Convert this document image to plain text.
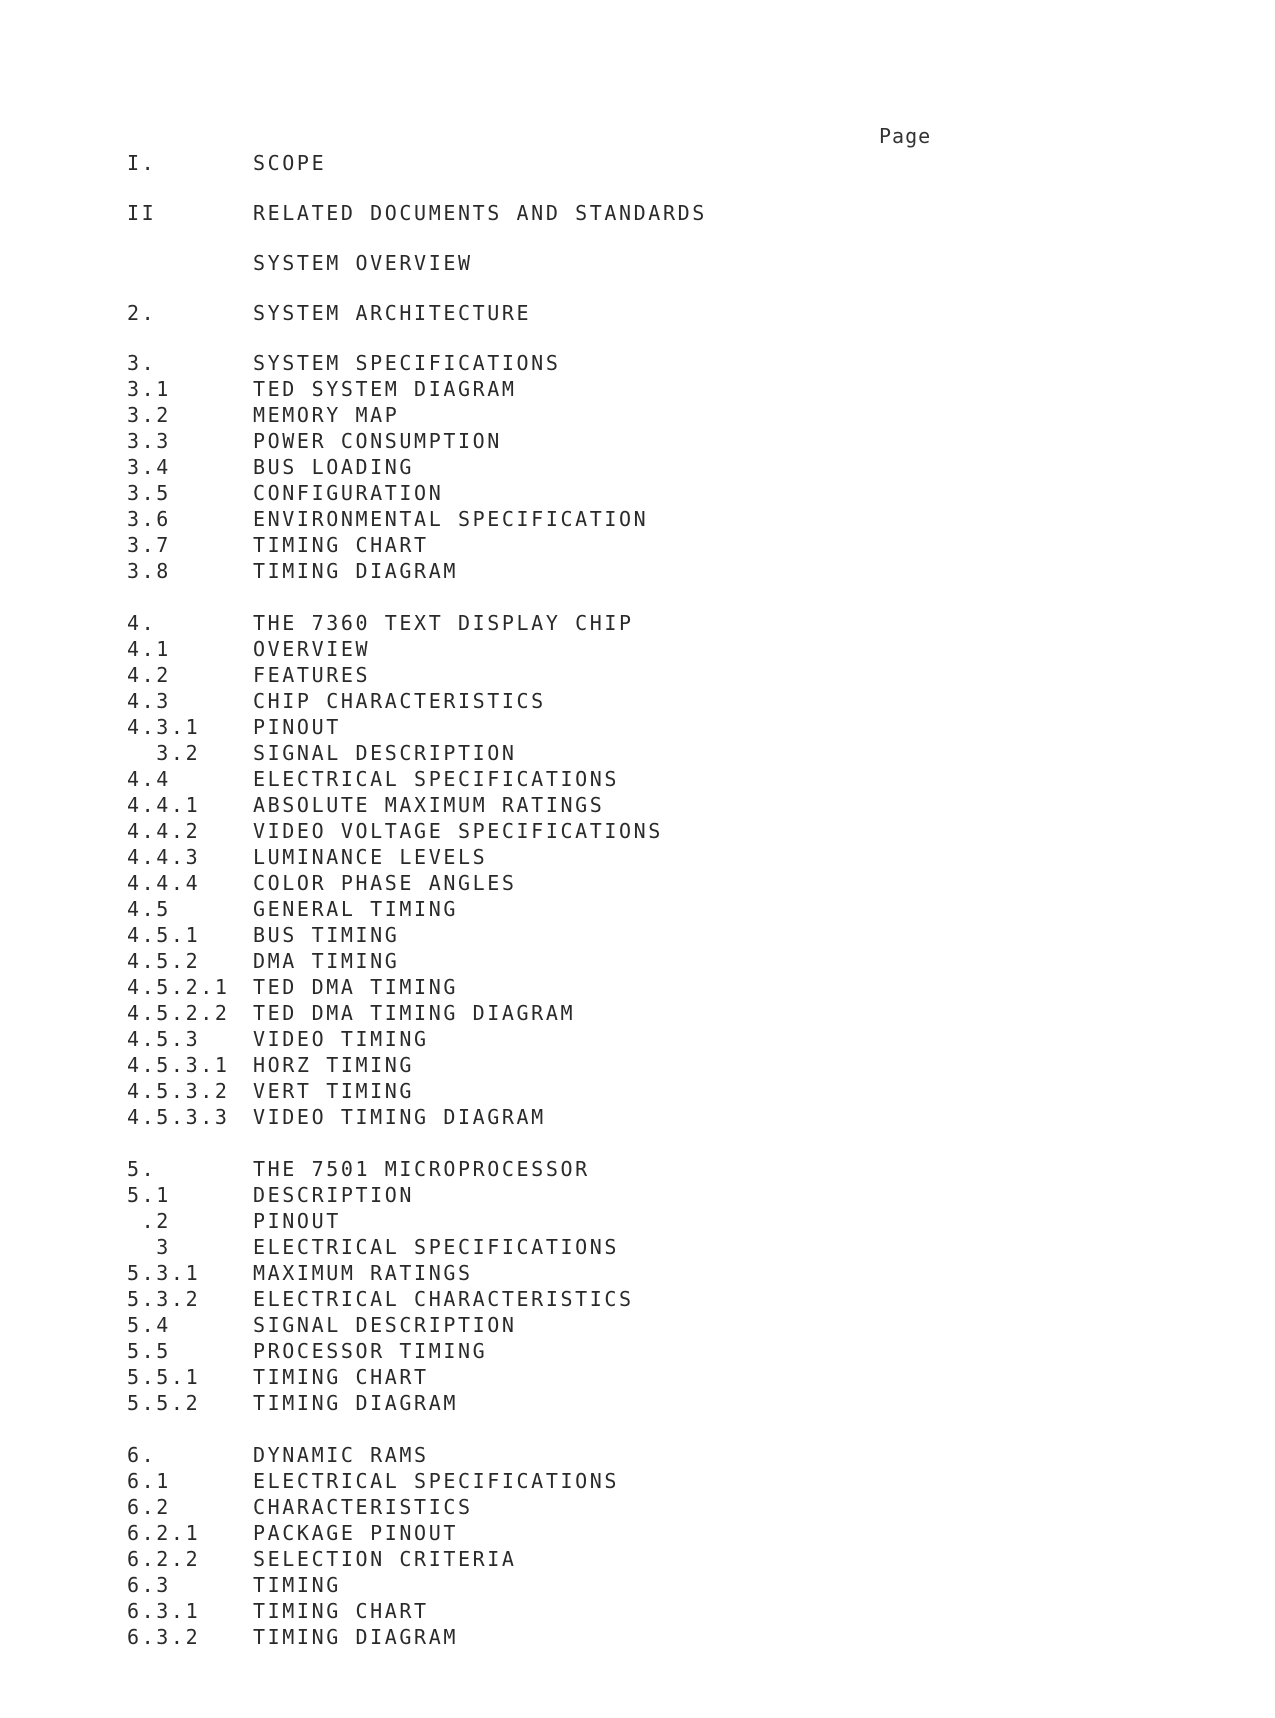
Page
I.	SCOPE
II	RELATED DOCUMENTS AND STANDARDS
SYSTEM OVERVIEW
2.	SYSTEM ARCHITECTURE
3.	SYSTEM SPECIFICATIONS
3.1	TED SYSTEM DIAGRAM
3.2	MEMORY MAP
3.3	POWER CONSUMPTION
3.4	BUS LOADING
3.5	CONFIGURATION
3.6	ENVIRONMENTAL SPECIFICATION
3.7	TIMING CHART
3.8	TIMING DIAGRAM
4.	THE 7360 TEXT DISPLAY CHIP
4.1	OVERVIEW
4.2	FEATURES
4.3	CHIP CHARACTERISTICS
4.3.1	PINOUT
3.2	SIGNAL DESCRIPTION
4.4	ELECTRICAL SPECIFICATIONS
4.4.1	ABSOLUTE MAXIMUM RATINGS
4.4.2	VIDEO VOLTAGE SPECIFICATIONS
4.4.3	LUMINANCE LEVELS
4.4.4	COLOR PHASE ANGLES
4.5	GENERAL TIMING
4.5.1	BUS TIMING
4.5.2	DMA TIMING
4.5.2.1	TED DMA TIMING
4.5.2.2	TED DMA TIMING DIAGRAM
4.5.3	VIDEO TIMING
4.5.3.1	HORZ TIMING
4.5.3.2	VERT TIMING
4.5.3.3	VIDEO TIMING DIAGRAM
5.	THE 7501 MICROPROCESSOR
5.1	DESCRIPTION
.2	PINOUT
3	ELECTRICAL SPECIFICATIONS
5.3.1	MAXIMUM RATINGS
5.3.2	ELECTRICAL CHARACTERISTICS
5.4	SIGNAL DESCRIPTION
5.5	PROCESSOR TIMING
5.5.1	TIMING CHART
5.5.2	TIMING DIAGRAM
6.	DYNAMIC RAMS
6.1	ELECTRICAL SPECIFICATIONS
6.2	CHARACTERISTICS
6.2.1	PACKAGE PINOUT
6.2.2	SELECTION CRITERIA
6.3	TIMING
6.3.1	TIMING CHART
6.3.2	TIMING DIAGRAM
